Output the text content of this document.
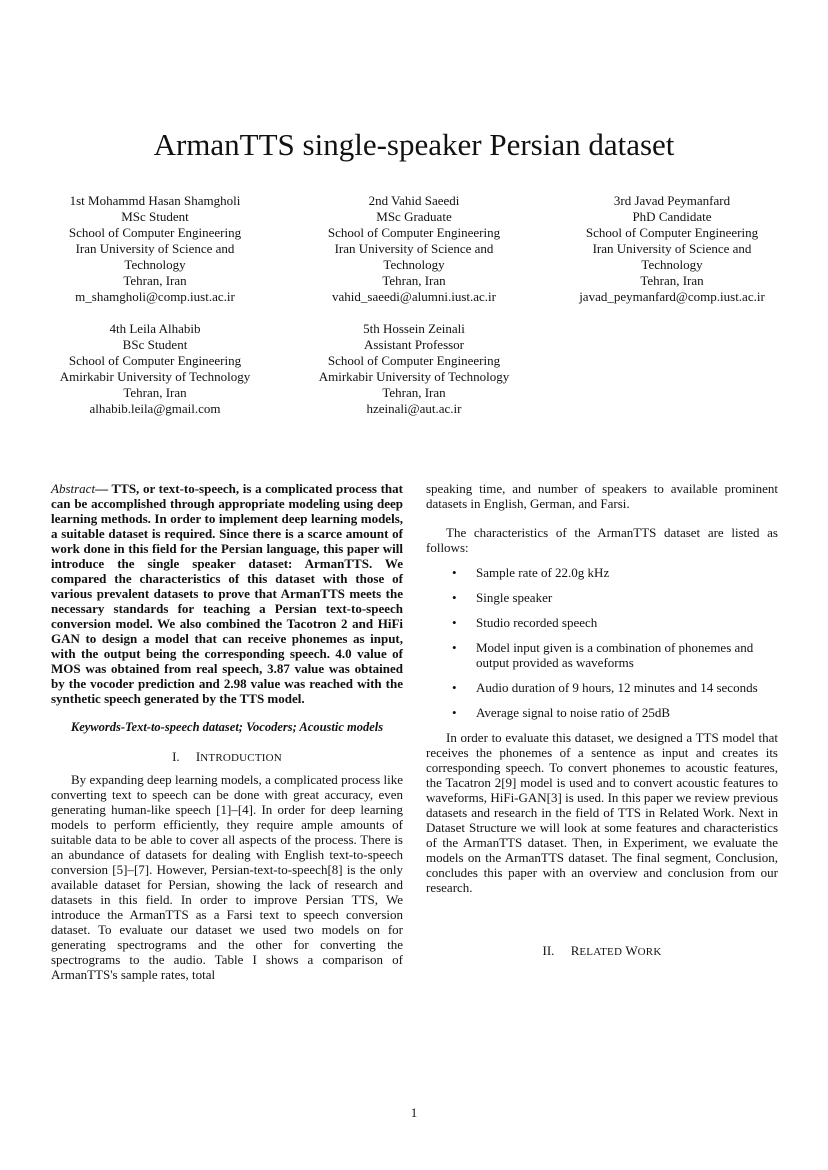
ArmanTTS single-speaker Persian dataset
1st Mohammd Hasan Shamgholi
MSc Student
School of Computer Engineering
Iran University of Science and
Technology
Tehran, Iran
m_shamgholi@comp.iust.ac.ir
2nd Vahid Saeedi
MSc Graduate
School of Computer Engineering
Iran University of Science and
Technology
Tehran, Iran
vahid_saeedi@alumni.iust.ac.ir
3rd Javad Peymanfard
PhD Candidate
School of Computer Engineering
Iran University of Science and
Technology
Tehran, Iran
javad_peymanfard@comp.iust.ac.ir
4th Leila Alhabib
BSc Student
School of Computer Engineering
Amirkabir University of Technology
Tehran, Iran
alhabib.leila@gmail.com
5th Hossein Zeinali
Assistant Professor
School of Computer Engineering
Amirkabir University of Technology
Tehran, Iran
hzeinali@aut.ac.ir

Abstract— TTS, or text-to-speech, is a complicated process that can be accomplished through appropriate modeling using deep learning methods. In order to implement deep learning models, a suitable dataset is required. Since there is a scarce amount of work done in this field for the Persian language, this paper will introduce the single speaker dataset: ArmanTTS. We compared the characteristics of this dataset with those of various prevalent datasets to prove that ArmanTTS meets the necessary standards for teaching a Persian text-to-speech conversion model. We also combined the Tacotron 2 and HiFi GAN to design a model that can receive phonemes as input, with the output being the corresponding speech. 4.0 value of MOS was obtained from real speech, 3.87 value was obtained by the vocoder prediction and 2.98 value was reached with the synthetic speech generated by the TTS model.

Keywords-Text-to-speech dataset; Vocoders; Acoustic models

I. INTRODUCTION

By expanding deep learning models, a complicated process like converting text to speech can be done with great accuracy, even generating human-like speech [1]–[4]. In order for deep learning models to perform efficiently, they require ample amounts of suitable data to be able to cover all aspects of the process. There is an abundance of datasets for dealing with English text-to-speech conversion [5]–[7]. However, Persian-text-to-speech[8] is the only available dataset for Persian, showing the lack of research and datasets in this field. In order to improve Persian TTS, We introduce the ArmanTTS as a Farsi text to speech conversion dataset. To evaluate our dataset we used two models on for generating spectrograms and the other for converting the spectrograms to the audio. Table I shows a comparison of ArmanTTS's sample rates, total

speaking time, and number of speakers to available prominent datasets in English, German, and Farsi.

The characteristics of the ArmanTTS dataset are listed as follows:

• Sample rate of 22.0g kHz
• Single speaker
• Studio recorded speech
• Model input given is a combination of phonemes and output provided as waveforms
• Audio duration of 9 hours, 12 minutes and 14 seconds
• Average signal to noise ratio of 25dB

In order to evaluate this dataset, we designed a TTS model that receives the phonemes of a sentence as input and creates its corresponding speech. To convert phonemes to acoustic features, the Tacatron 2[9] model is used and to convert acoustic features to waveforms, HiFi-GAN[3] is used. In this paper we review previous datasets and research in the field of TTS in Related Work. Next in Dataset Structure we will look at some features and characteristics of the ArmanTTS dataset. Then, in Experiment, we evaluate the models on the ArmanTTS dataset. The final segment, Conclusion, concludes this paper with an overview and conclusion from our research.

II. RELATED WORK
1
